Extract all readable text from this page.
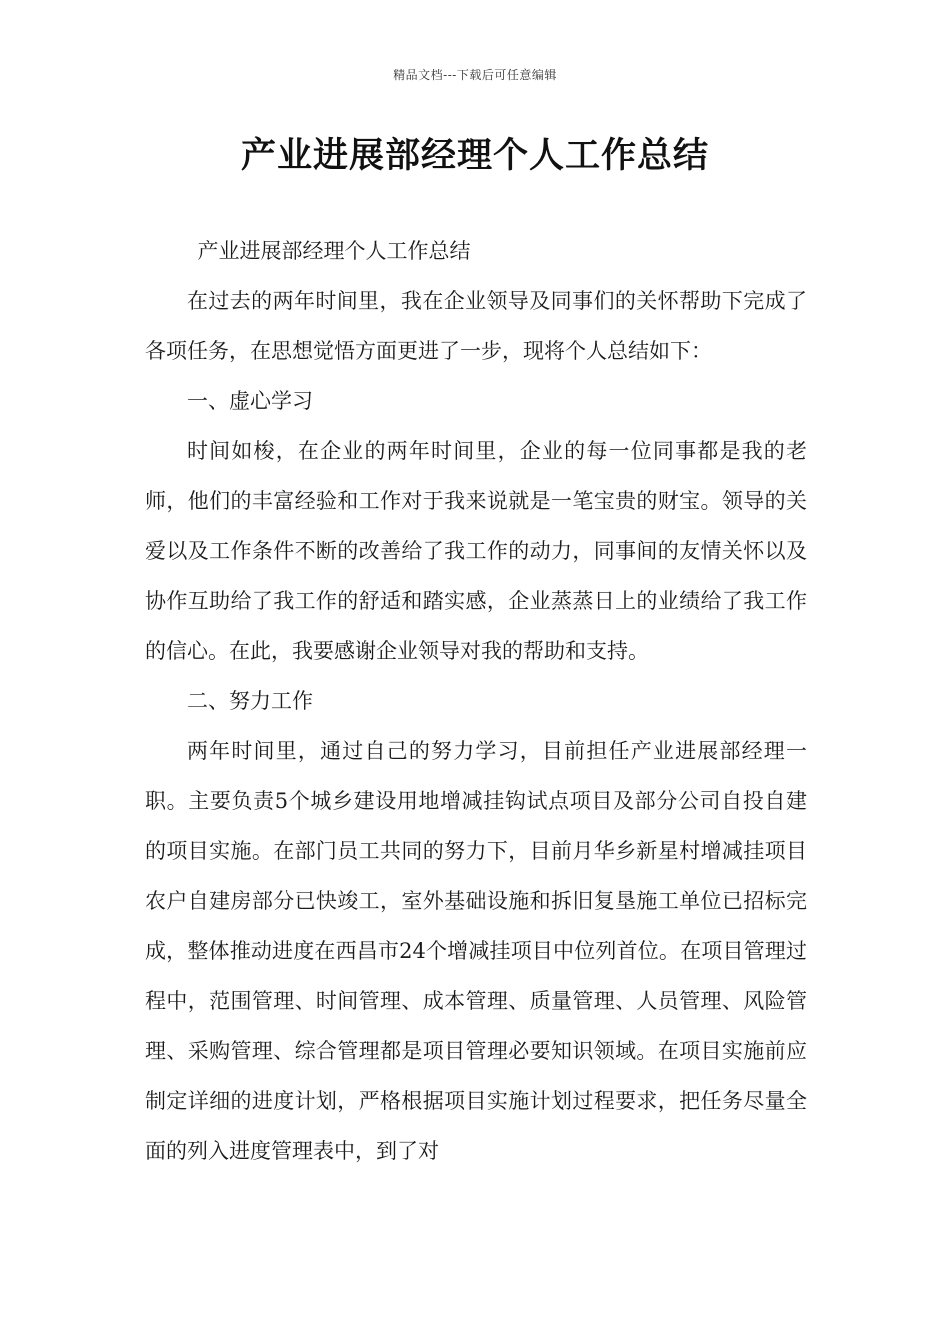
精品文档---下载后可任意编辑
产业进展部经理个人工作总结

产业进展部经理个人工作总结

在过去的两年时间里，我在企业领导及同事们的关怀帮助下完成了各项任务，在思想觉悟方面更进了一步，现将个人总结如下：

一、虚心学习

时间如梭，在企业的两年时间里，企业的每一位同事都是我的老师，他们的丰富经验和工作对于我来说就是一笔宝贵的财宝。领导的关爱以及工作条件不断的改善给了我工作的动力，同事间的友情关怀以及协作互助给了我工作的舒适和踏实感，企业蒸蒸日上的业绩给了我工作的信心。在此，我要感谢企业领导对我的帮助和支持。

二、努力工作

两年时间里，通过自己的努力学习，目前担任产业进展部经理一职。主要负责5个城乡建设用地增减挂钩试点项目及部分公司自投自建的项目实施。在部门员工共同的努力下，目前月华乡新星村增减挂项目农户自建房部分已快竣工，室外基础设施和拆旧复垦施工单位已招标完成，整体推动进度在西昌市24个增减挂项目中位列首位。在项目管理过程中，范围管理、时间管理、成本管理、质量管理、人员管理、风险管理、采购管理、综合管理都是项目管理必要知识领域。在项目实施前应制定详细的进度计划，严格根据项目实施计划过程要求，把任务尽量全面的列入进度管理表中，到了对
